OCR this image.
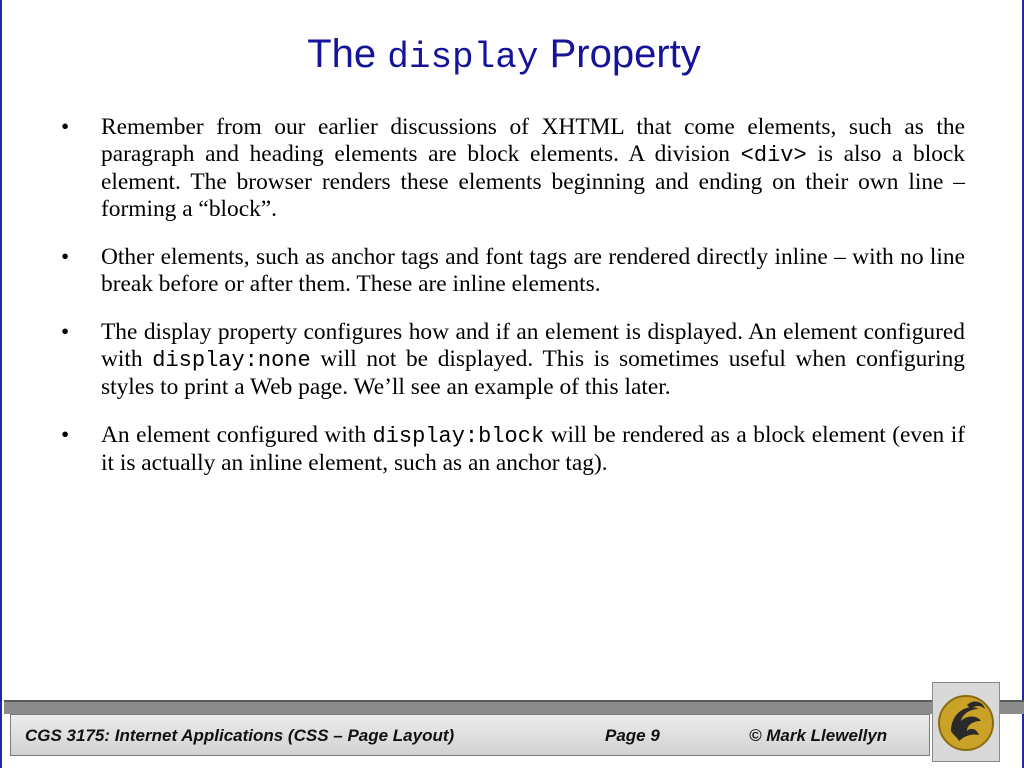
The display Property
• Remember from our earlier discussions of XHTML that come elements, such as the paragraph and heading elements are block elements. A division <div> is also a block element. The browser renders these elements beginning and ending on their own line – forming a “block”.
• Other elements, such as anchor tags and font tags are rendered directly inline – with no line break before or after them. These are inline elements.
• The display property configures how and if an element is displayed. An element configured with display:none will not be displayed. This is sometimes useful when configuring styles to print a Web page. We’ll see an example of this later.
• An element configured with display:block will be rendered as a block element (even if it is actually an inline element, such as an anchor tag).
CGS 3175: Internet Applications (CSS – Page Layout)	Page 9	© Mark Llewellyn
